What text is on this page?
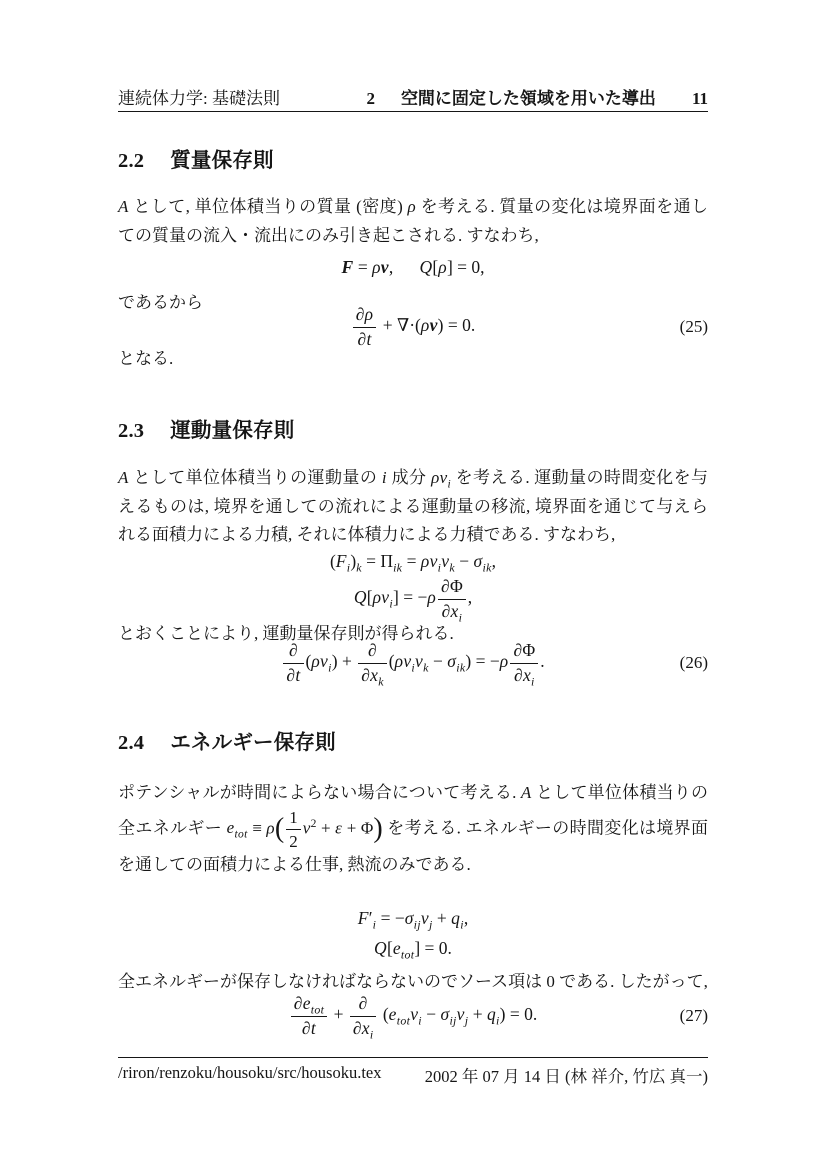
連続体力学: 基礎法則	2 空間に固定した領域を用いた導出 11
2.2 質量保存則
A として, 単位体積当りの質量 (密度) ρ を考える. 質量の変化は境界面を通しての質量の流入・流出にのみ引き起こされる. すなわち,
F = ρv,  Q[ρ] = 0,
であるから
$\frac{\partial\rho}{\partial t} + \nabla\cdot(\rho v) = 0$.	(25)
となる.
2.3 運動量保存則
A として単位体積当りの運動量の i 成分 $\rho v_i$ を考える. 運動量の時間変化を与えるものは, 境界を通しての流れによる運動量の移流, 境界面を通じて与えられる面積力による力積, それに体積力による力積である. すなわち,
$(F_i)_k = \Pi_{ik} = \rho v_iv_k - \sigma_{ik}$,
$Q[\rho v_i] = -\rho \frac{\partial\Phi}{\partial x_i}$ ,
とおくことにより, 運動量保存則が得られる.
$\frac{\partial}{\partial t} (\rho v_i) + \frac{\partial}{\partial x_k} (\rho v_iv_k - \sigma_{ik}) = -\rho \frac{\partial\Phi}{\partial x_i}$ .	(26)
2.4 エネルギー保存則
ポテンシャルが時間によらない場合について考える. A として単位体積当りの全エネルギー $e_{tot} \equiv \rho( \frac{1}{2} v^2 + \varepsilon + \Phi)$ を考える. エネルギーの時間変化は境界面を通しての面積力による仕事, 熱流のみである.
$F'_i = -\sigma_{ij}v_j + q_i$,
$Q[e_{tot}] = 0$.
全エネルギーが保存しなければならないのでソース項は 0 である. したがって,
$\frac{\partial e_{tot}}{\partial t} + \frac{\partial}{\partial x_i} (e_{tot}v_i - \sigma_{ij}v_j + q_i) = 0$.	(27)
/riron/renzoku/housoku/src/housoku.tex	2002 年 07 月 14 日 (林 祥介, 竹広 真一)
